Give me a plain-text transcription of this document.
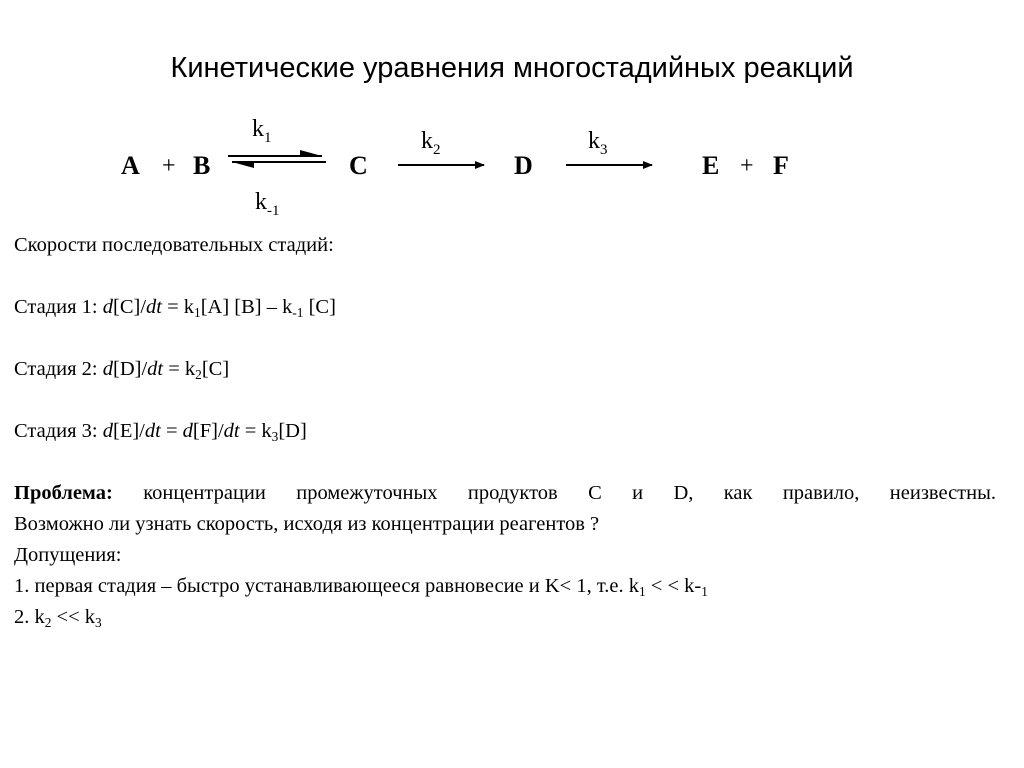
Кинетические уравнения многостадийных реакций
A + B	C	D	E + F
$k_1$
$k_{-1}$
$k_2$	$k_3$
Скорости последовательных стадий:
Стадия 1: $d[C]/dt = k_1[A]$ $[B] - k_{-1}$ [C]
Стадия 2: $d[D]/dt = k_2[C]$
Стадия 3: $d[E]/dt = d[F]/dt = k_3[D]$
Проблема: концентрации промежуточных продуктов С и D, как правило, неизвестны.
Возможно ли узнать скорость, исходя из концентрации реагентов ?
Допущения:
1. первая стадия – быстро устанавливающееся равновесие и K< 1, т.е. $k_1$ < < $k-_1$
2. $k_2 << k_3$
